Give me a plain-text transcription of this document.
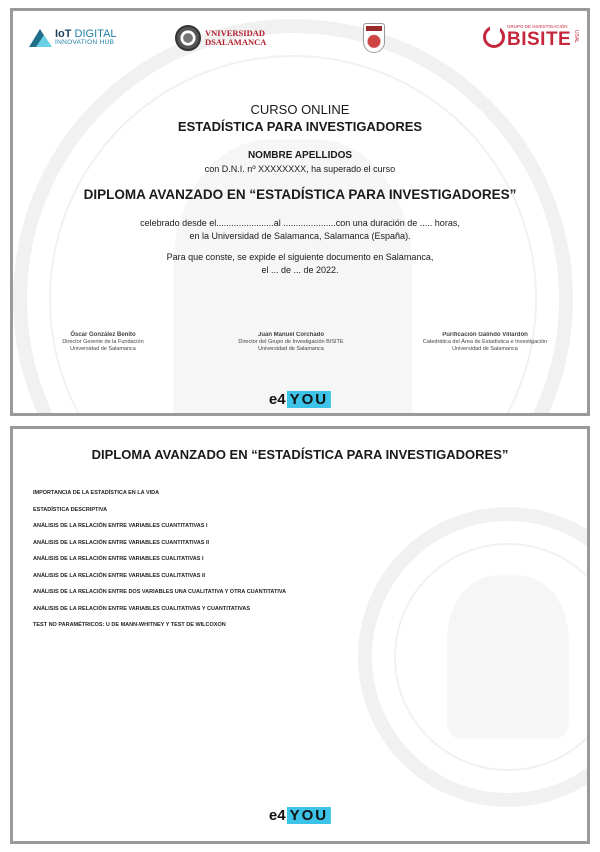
IoT DIGITAL
INNOVATION HUB
VNIVERSIDAD
DSALAMANCA
GRUPO DE INVESTIGACIÓN
BISITE USAL
CURSO ONLINE
ESTADÍSTICA PARA INVESTIGADORES
NOMBRE APELLIDOS
con D.N.I. nº XXXXXXXX, ha superado el curso
DIPLOMA AVANZADO EN “ESTADÍSTICA PARA INVESTIGADORES”
celebrado desde el.......................al .....................con una duración de ..... horas,
en la Universidad de Salamanca, Salamanca (España).
Para que conste, se expide el siguiente documento en Salamanca,
el ... de ... de 2022.
Óscar González Benito
Director Gerente de la Fundación
Universidad de Salamanca
Juan Manuel Corchado
Director del Grupo de Investigación BISITE
Universidad de Salamanca
Purificación Galindo Villardón
Catedrática del Área de Estadística e Investigación
Universidad de Salamanca
e4 YOU
DIPLOMA AVANZADO EN “ESTADÍSTICA PARA INVESTIGADORES”
IMPORTANCIA DE LA ESTADÍSTICA EN LA VIDA
ESTADÍSTICA DESCRIPTIVA
ANÁLISIS DE LA RELACIÓN ENTRE VARIABLES CUANTITATIVAS I
ANÁLISIS DE LA RELACIÓN ENTRE VARIABLES CUANTITATIVAS II
ANÁLISIS DE LA RELACIÓN ENTRE VARIABLES CUALITATIVAS I
ANÁLISIS DE LA RELACIÓN ENTRE VARIABLES CUALITATIVAS II
ANÁLISIS DE LA RELACIÓN ENTRE DOS VARIABLES UNA CUALITATIVA Y OTRA CUANTITATIVA
ANÁLISIS DE LA RELACIÓN ENTRE VARIABLES CUALITATIVAS Y CUANTITATIVAS
TEST NO PARAMÉTRICOS: U DE MANN-WHITNEY Y TEST DE WILCOXON
e4 YOU
